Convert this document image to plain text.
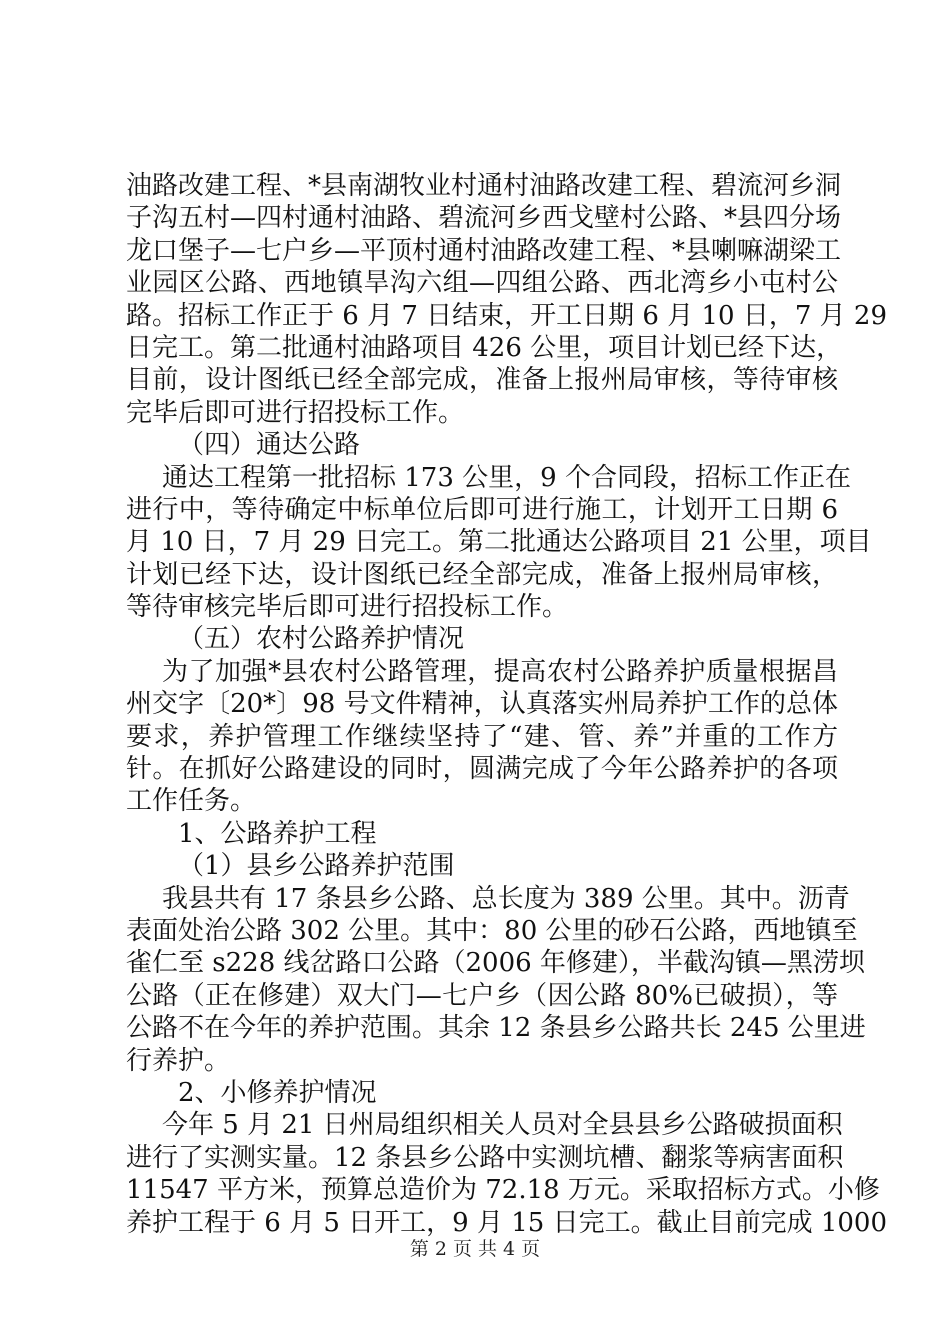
油路改建工程、*县南湖牧业村通村油路改建工程、碧流河乡洞
子沟五村—四村通村油路、碧流河乡西戈壁村公路、*县四分场
龙口堡子—七户乡—平顶村通村油路改建工程、*县喇嘛湖梁工
业园区公路、西地镇旱沟六组—四组公路、西北湾乡小屯村公
路。招标工作正于 6 月 7 日结束，开工日期 6 月 10 日，7 月 29
日完工。第二批通村油路项目 426 公里，项目计划已经下达，
目前，设计图纸已经全部完成，准备上报州局审核，等待审核
完毕后即可进行招投标工作。
（四）通达公路
通达工程第一批招标 173 公里，9 个合同段，招标工作正在
进行中，等待确定中标单位后即可进行施工，计划开工日期 6
月 10 日，7 月 29 日完工。第二批通达公路项目 21 公里，项目
计划已经下达，设计图纸已经全部完成，准备上报州局审核，
等待审核完毕后即可进行招投标工作。
（五）农村公路养护情况
为了加强*县农村公路管理，提高农村公路养护质量根据昌
州交字〔20*〕98 号文件精神，认真落实州局养护工作的总体
要求，养护管理工作继续坚持了“建、管、养”并重的工作方
针。在抓好公路建设的同时，圆满完成了今年公路养护的各项
工作任务。
1、公路养护工程
（1）县乡公路养护范围
我县共有 17 条县乡公路、总长度为 389 公里。其中。沥青
表面处治公路 302 公里。其中：80 公里的砂石公路，西地镇至
雀仁至 s228 线岔路口公路（2006 年修建），半截沟镇—黑涝坝
公路（正在修建）双大门—七户乡（因公路 80%已破损），等
公路不在今年的养护范围。其余 12 条县乡公路共长 245 公里进
行养护。
2、小修养护情况
今年 5 月 21 日州局组织相关人员对全县县乡公路破损面积
进行了实测实量。12 条县乡公路中实测坑槽、翻浆等病害面积
11547 平方米，预算总造价为 72.18 万元。采取招标方式。小修
养护工程于 6 月 5 日开工，9 月 15 日完工。截止目前完成 1000
第 2 页 共 4 页
